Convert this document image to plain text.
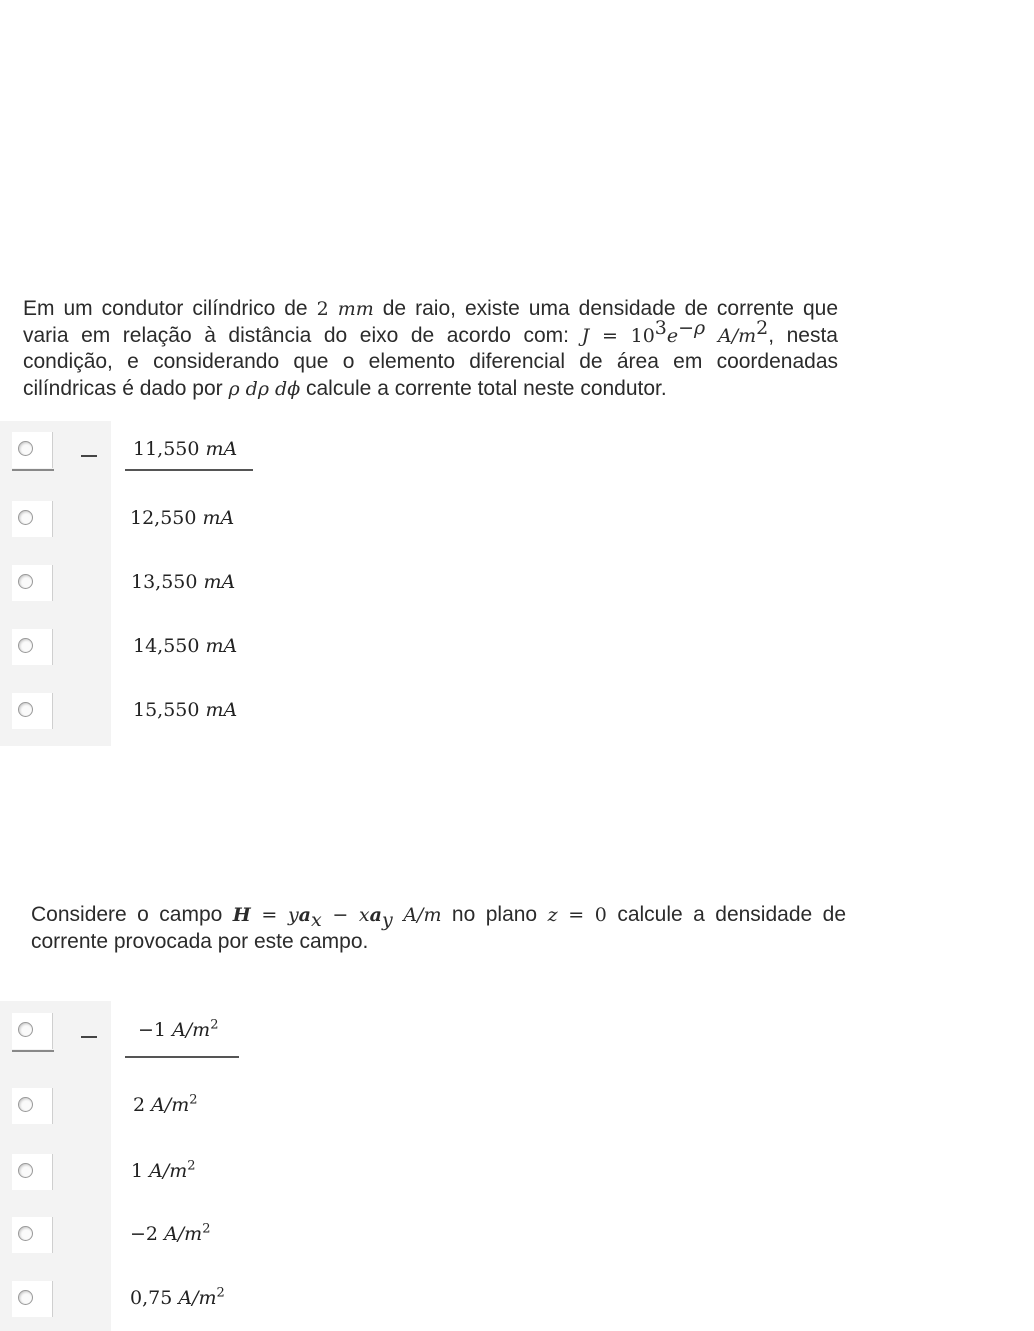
Em um condutor cilíndrico de 2 mm de raio, existe uma densidade de corrente que varia em relação à distância do eixo de acordo com: $J = 10^3e^{-\rho}$ $A/m^2$, nesta condição, e considerando que o elemento diferencial de área em coordenadas cilíndricas é dado por ρ dρ dϕ calcule a corrente total neste condutor.
11,550 mA
12,550 mA
13,550 mA
14,550 mA
15,550 mA
Considere o campo $H = ya_x - xa_y$ A/m no plano z = 0 calcule a densidade de corrente provocada por este campo.
−1 $A/m^2$
2 $A/m^2$
1 $A/m^2$
−2 $A/m^2$
0,75 $A/m^2$
